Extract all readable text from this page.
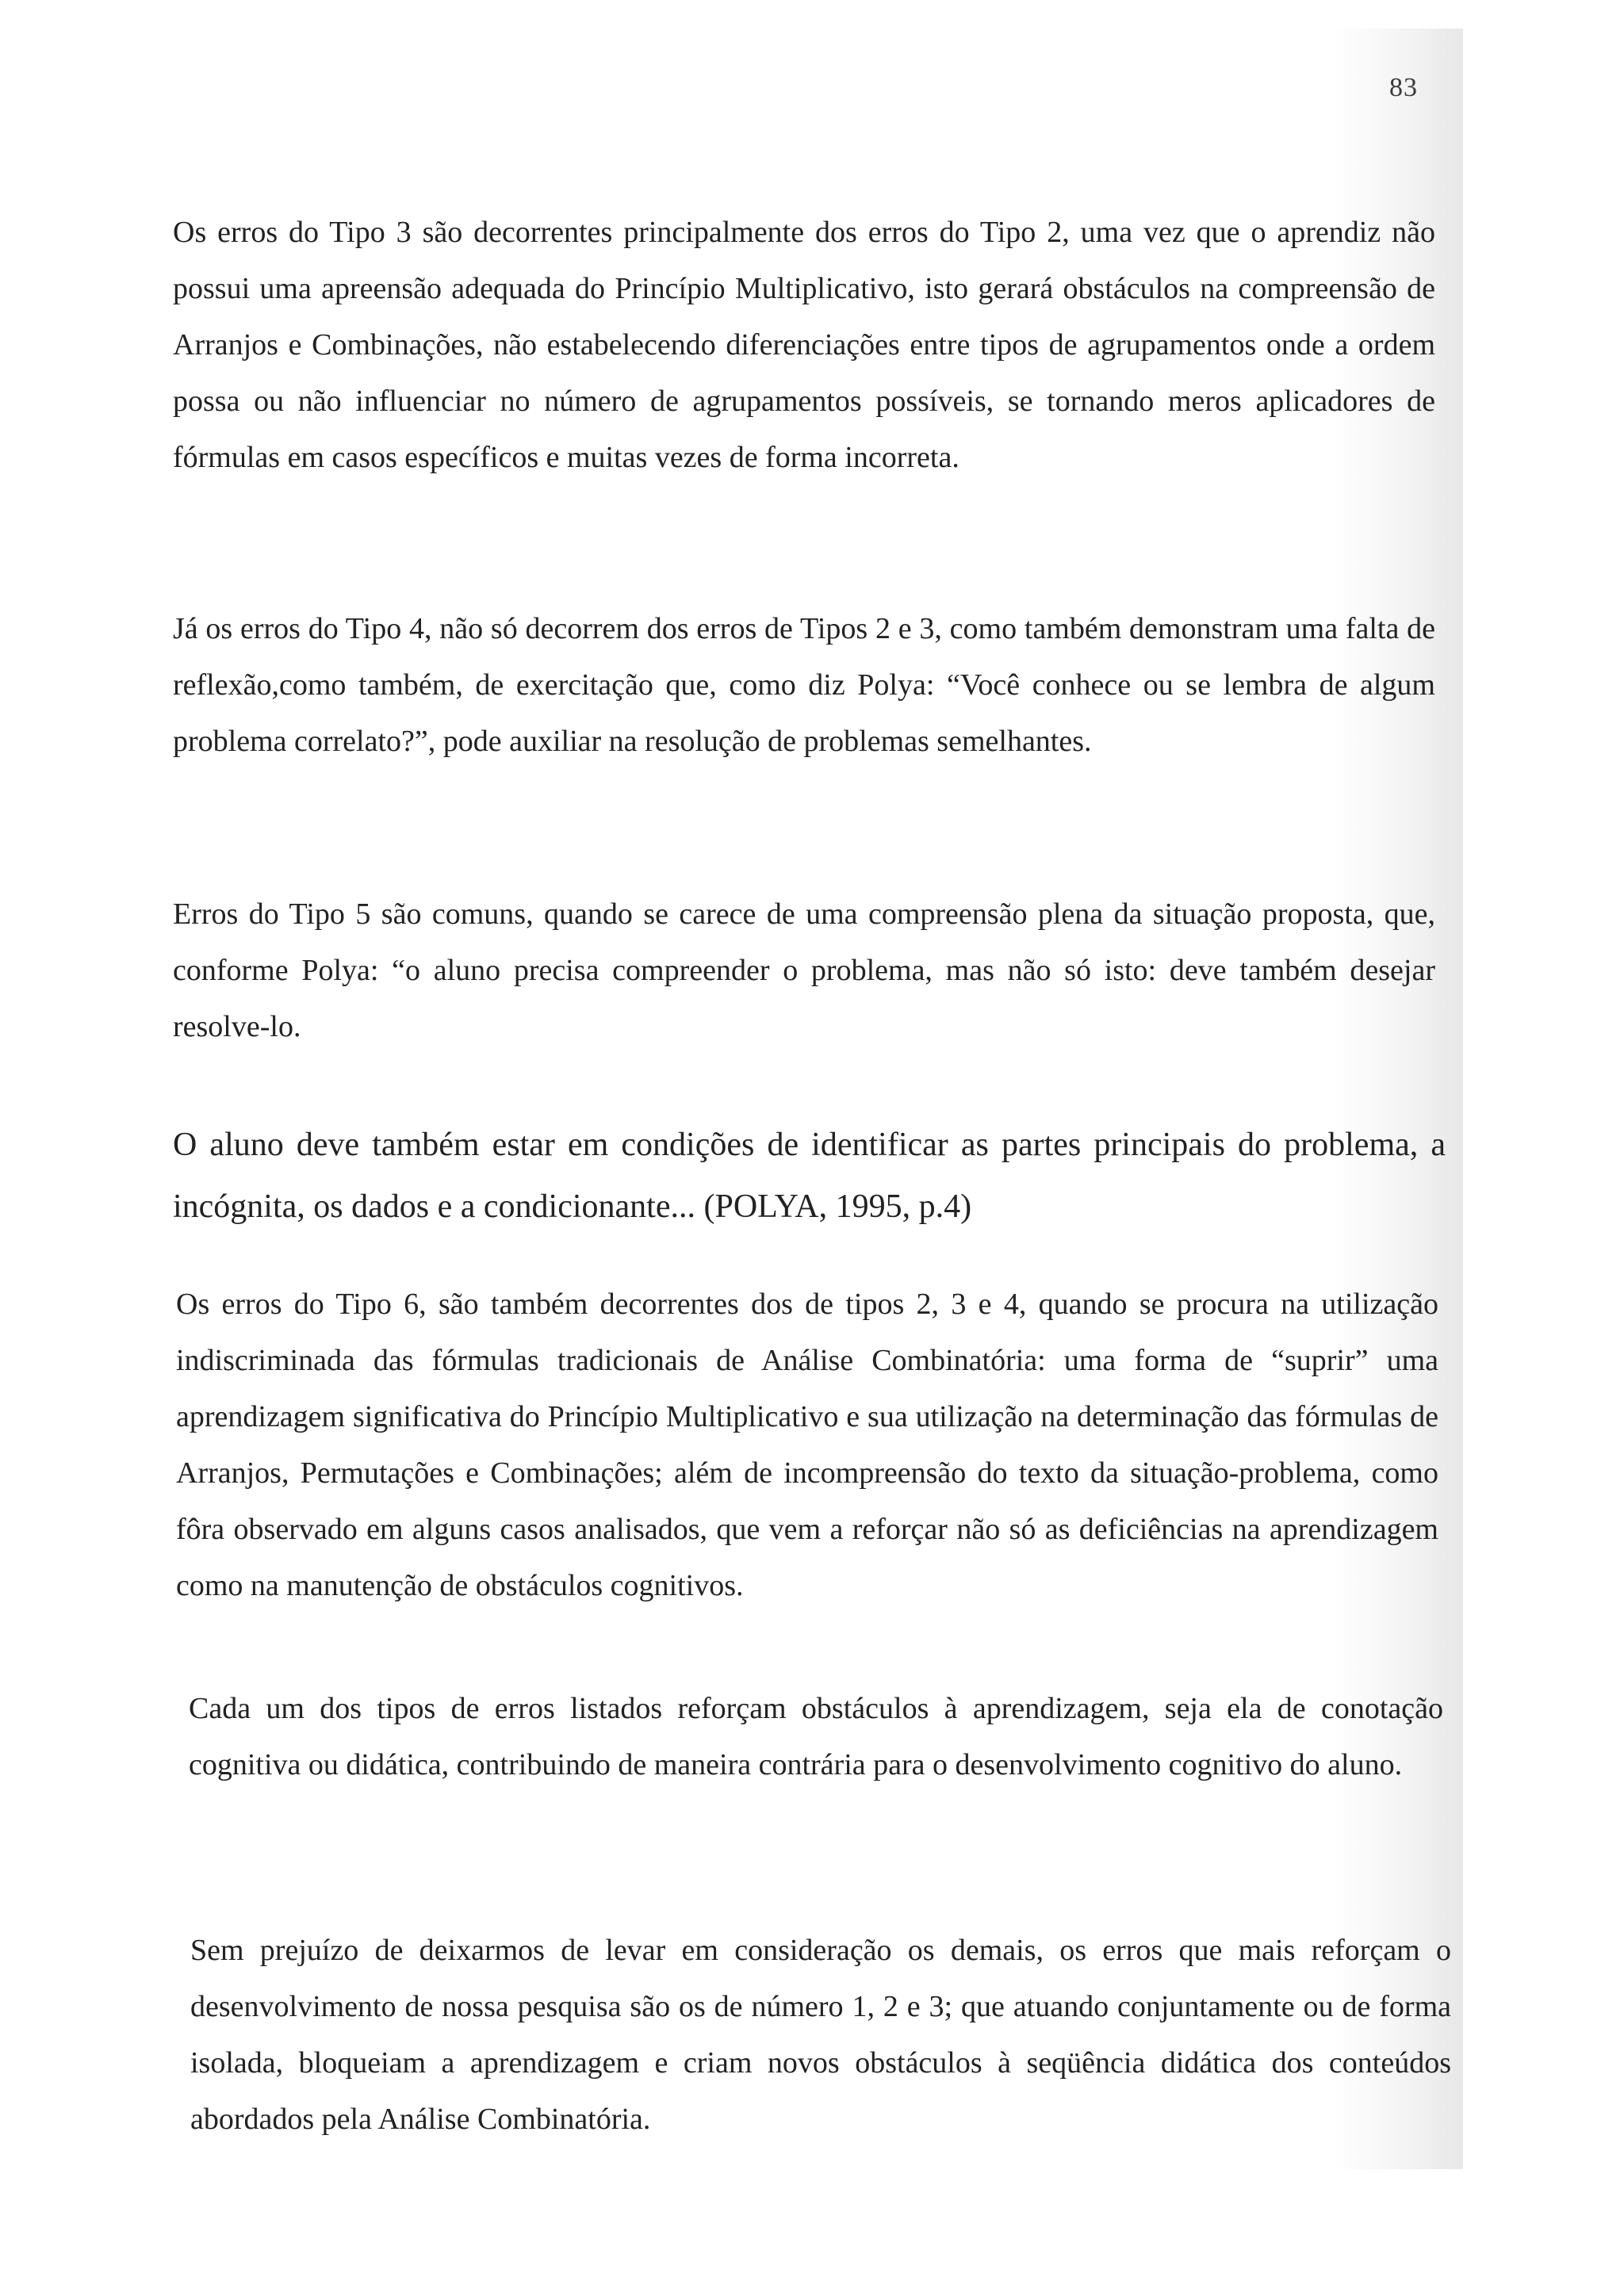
83

Os erros do Tipo 3 são decorrentes principalmente dos erros do Tipo 2, uma vez que o aprendiz não possui uma apreensão adequada do Princípio Multiplicativo, isto gerará obstáculos na compreensão de Arranjos e Combinações, não estabelecendo diferenciações entre tipos de agrupamentos onde a ordem possa ou não influenciar no número de agrupamentos possíveis, se tornando meros aplicadores de fórmulas em casos específicos e muitas vezes de forma incorreta.

Já os erros do Tipo 4, não só decorrem dos erros de Tipos 2 e 3, como também demonstram uma falta de reflexão,como também, de exercitação que, como diz Polya: “Você conhece ou se lembra de algum problema correlato?”, pode auxiliar na resolução de problemas semelhantes.

Erros do Tipo 5 são comuns, quando se carece de uma compreensão plena da situação proposta, que, conforme Polya: “o aluno precisa compreender o problema, mas não só isto: deve também desejar resolve-lo.

O aluno deve também estar em condições de identificar as partes principais do problema, a incógnita, os dados e a condicionante... (POLYA, 1995, p.4)

Os erros do Tipo 6, são também decorrentes dos de tipos 2, 3 e 4, quando se procura na utilização indiscriminada das fórmulas tradicionais de Análise Combinatória: uma forma de “suprir” uma aprendizagem significativa do Princípio Multiplicativo e sua utilização na determinação das fórmulas de Arranjos, Permutações e Combinações; além de incompreensão do texto da situação-problema, como fôra observado em alguns casos analisados, que vem a reforçar não só as deficiências na aprendizagem como na manutenção de obstáculos cognitivos.

Cada um dos tipos de erros listados reforçam obstáculos à aprendizagem, seja ela de conotação cognitiva ou didática, contribuindo de maneira contrária para o desenvolvimento cognitivo do aluno.

Sem prejuízo de deixarmos de levar em consideração os demais, os erros que mais reforçam o desenvolvimento de nossa pesquisa são os de número 1, 2 e 3; que atuando conjuntamente ou de forma isolada, bloqueiam a aprendizagem e criam novos obstáculos à seqüência didática dos conteúdos abordados pela Análise Combinatória.
